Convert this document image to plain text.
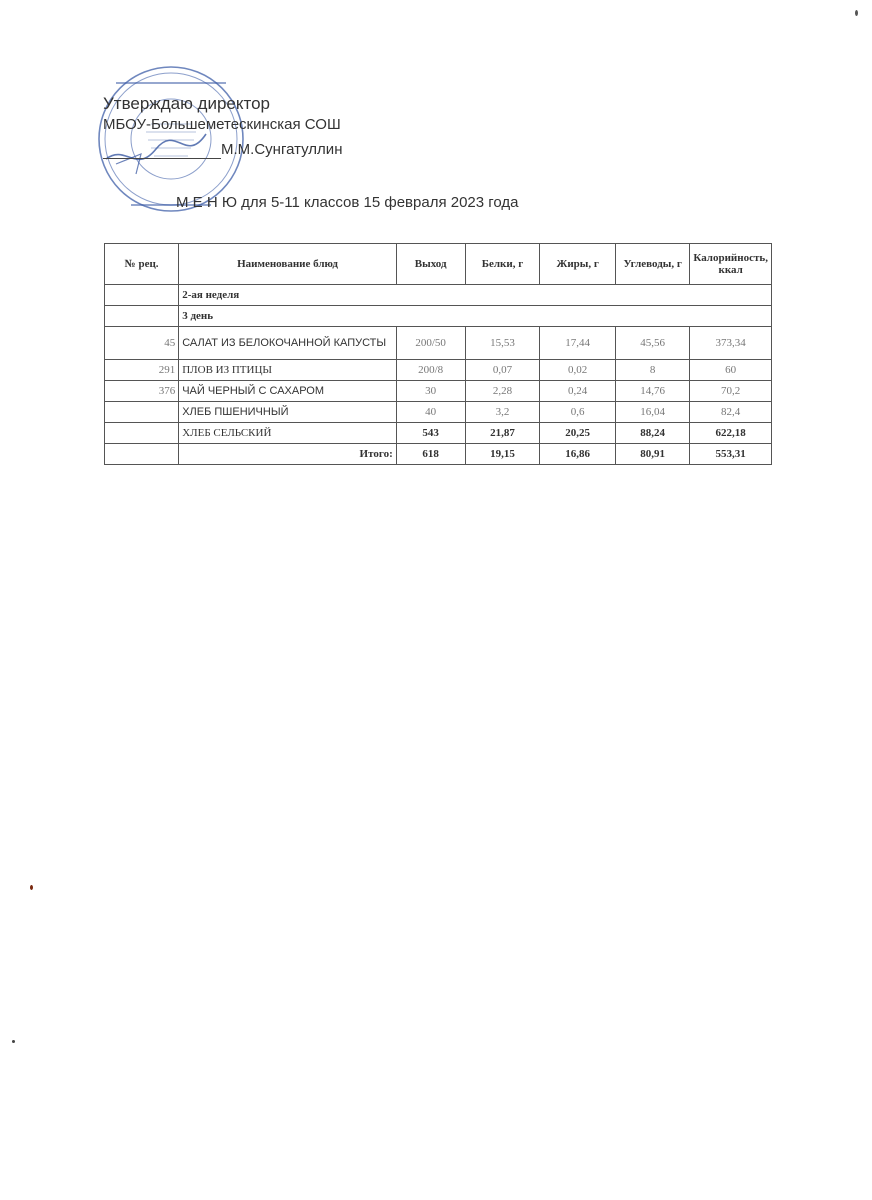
Утверждаю директор
МБОУ-Большеметескинская СОШ
М.М.Сунгатуллин
М Е Н Ю для 5-11 классов 15 февраля 2023 года
№ рец.	Наименование блюд	Выход	Белки, г	Жиры, г	Углеводы, г	Калорийность, ккал
	2-ая неделя					
	3 день					
45	САЛАТ ИЗ БЕЛОКОЧАННОЙ КАПУСТЫ	200/50	15,53	17,44	45,56	373,34
291	ПЛОВ ИЗ ПТИЦЫ	200/8	0,07	0,02	8	60
376	ЧАЙ ЧЕРНЫЙ С САХАРОМ	30	2,28	0,24	14,76	70,2
	ХЛЕБ ПШЕНИЧНЫЙ	40	3,2	0,6	16,04	82,4
	ХЛЕБ СЕЛЬСКИЙ	543	21,87	20,25	88,24	622,18
	Итого:	618	19,15	16,86	80,91	553,31
